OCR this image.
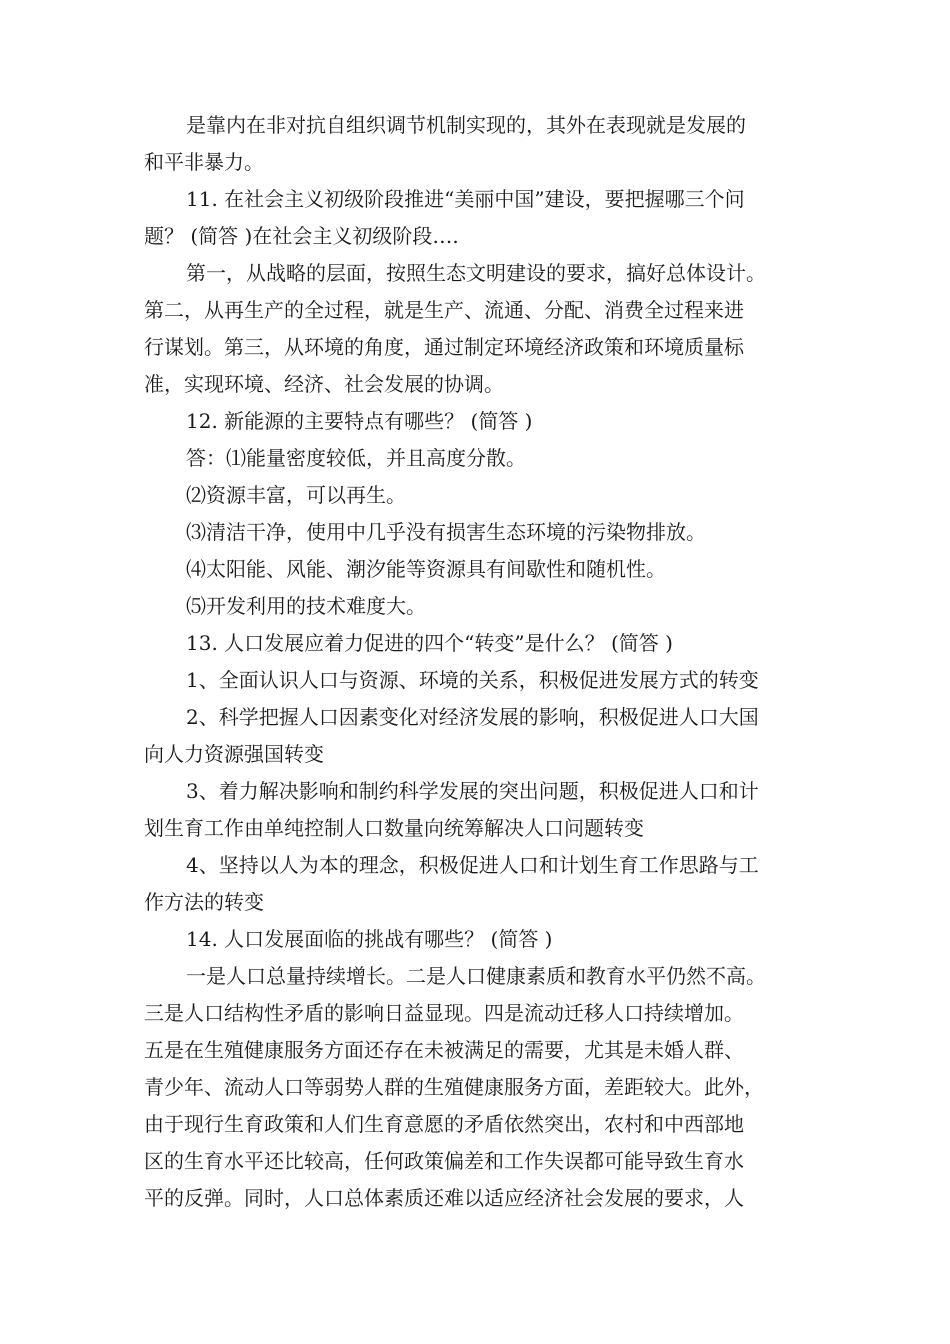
是靠内在非对抗自组织调节机制实现的，其外在表现就是发展的
和平非暴力。
11. 在社会主义初级阶段推进“美丽中国”建设，要把握哪三个问
题？ (简答 )在社会主义初级阶段….
第一，从战略的层面，按照生态文明建设的要求，搞好总体设计。
第二，从再生产的全过程，就是生产、流通、分配、消费全过程来进
行谋划。第三，从环境的角度，通过制定环境经济政策和环境质量标
准，实现环境、经济、社会发展的协调。
12. 新能源的主要特点有哪些？ (简答 )
答：⑴能量密度较低，并且高度分散。
⑵资源丰富，可以再生。
⑶清洁干净，使用中几乎没有损害生态环境的污染物排放。
⑷太阳能、风能、潮汐能等资源具有间歇性和随机性。
⑸开发利用的技术难度大。
13. 人口发展应着力促进的四个“转变”是什么？ (简答 )
1、全面认识人口与资源、环境的关系，积极促进发展方式的转变
2、科学把握人口因素变化对经济发展的影响，积极促进人口大国
向人力资源强国转变
3、着力解决影响和制约科学发展的突出问题，积极促进人口和计
划生育工作由单纯控制人口数量向统筹解决人口问题转变
4、坚持以人为本的理念，积极促进人口和计划生育工作思路与工
作方法的转变
14. 人口发展面临的挑战有哪些？ (简答 )
一是人口总量持续增长。二是人口健康素质和教育水平仍然不高。
三是人口结构性矛盾的影响日益显现。四是流动迁移人口持续增加。
五是在生殖健康服务方面还存在未被满足的需要，尤其是未婚人群、
青少年、流动人口等弱势人群的生殖健康服务方面，差距较大。此外，
由于现行生育政策和人们生育意愿的矛盾依然突出，农村和中西部地
区的生育水平还比较高，任何政策偏差和工作失误都可能导致生育水
平的反弹。同时，人口总体素质还难以适应经济社会发展的要求，人
